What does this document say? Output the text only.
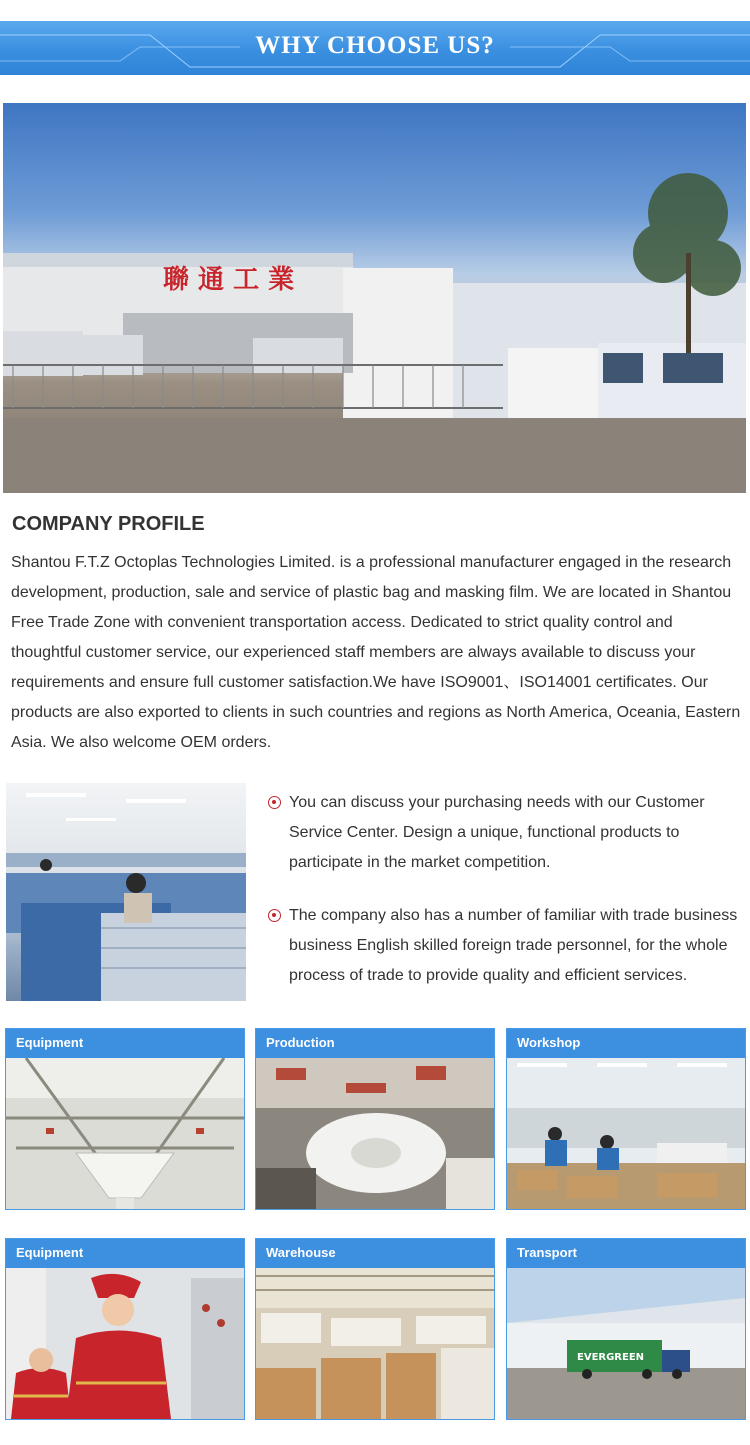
WHY CHOOSE US?
聯 通 工 業
COMPANY PROFILE

Shantou F.T.Z Octoplas Technologies Limited. is a professional manufacturer engaged in the research development, production, sale and service of plastic bag and masking film. We are located in Shantou Free Trade Zone with convenient transportation access. Dedicated to strict quality control and thoughtful customer service, our experienced staff members are always available to discuss your requirements and ensure full customer satisfaction.We have ISO9001、ISO14001 certificates. Our products are also exported to clients in such countries and regions as North America, Oceania, Eastern Asia. We also welcome OEM orders.

You can discuss your purchasing needs with our Customer Service Center. Design a unique, functional products to participate in the market competition.
The company also has a number of familiar with trade business business English skilled foreign trade personnel, for the whole process of trade to provide quality and efficient services.
Equipment	Production	Workshop
Equipment	Warehouse	Transport
EVERGREEN
